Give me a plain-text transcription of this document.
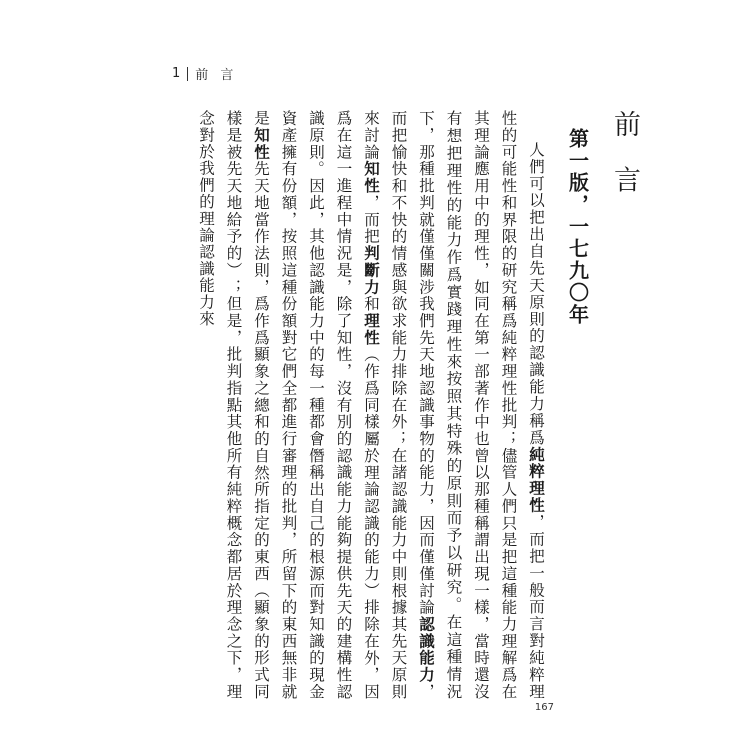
1 前 言
前 言
第一版，一七九〇年

人們可以把出自先天原則的認識能力稱爲純粹理性，而把一般而言對純粹理性的可能性和界限的研究稱爲純粹理性批判；儘管人們只是把這種能力理解爲在其理論應用中的理性，如同在第一部著作中也曾以那種稱謂出現一樣，當時還沒有想把理性的能力作爲實踐理性來按照其特殊的原則而予以研究。在這種情況下，那種批判就僅僅關涉我們先天地認識事物的能力，因而僅僅討論認識能力，而把愉快和不快的情感與欲求能力排除在外；在諸認識能力中則根據其先天原則來討論知性，而把判斷力和理性（作爲同樣屬於理論認識的能力）排除在外，因爲在這一進程中情況是，除了知性，沒有別的認識能力能夠提供先天的建構性認識原則。因此，其他認識能力中的每一種都會僭稱出自己的根源而對知識的現金資產擁有份額，按照這種份額對它們全都進行審理的批判，所留下的東西無非就是知性先天地當作法則，爲作爲顯象之總和的自然所指定的東西（顯象的形式同樣是被先天地給予的）；但是，批判指點其他所有純粹概念都居於理念之下，理念對於我們的理論認識能力來

167
